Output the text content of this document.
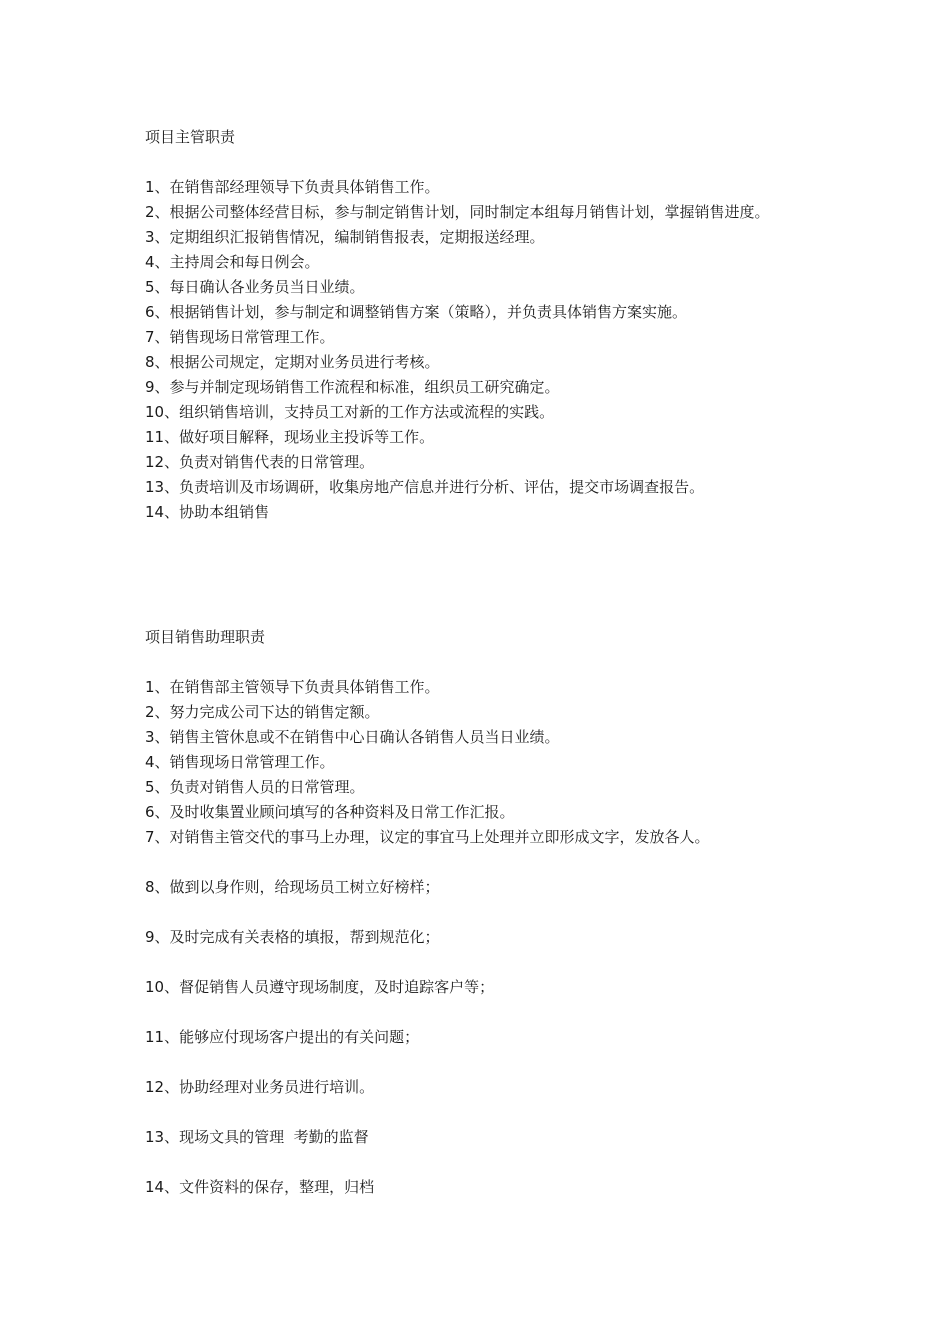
项目主管职责

1、在销售部经理领导下负责具体销售工作。

2、根据公司整体经营目标，参与制定销售计划，同时制定本组每月销售计划，掌握销售进度。

3、定期组织汇报销售情况，编制销售报表，定期报送经理。

4、主持周会和每日例会。

5、每日确认各业务员当日业绩。

6、根据销售计划，参与制定和调整销售方案（策略），并负责具体销售方案实施。

7、销售现场日常管理工作。

8、根据公司规定，定期对业务员进行考核。

9、参与并制定现场销售工作流程和标准，组织员工研究确定。

10、组织销售培训，支持员工对新的工作方法或流程的实践。

11、做好项目解释，现场业主投诉等工作。

12、负责对销售代表的日常管理。

13、负责培训及市场调研，收集房地产信息并进行分析、评估，提交市场调查报告。

14、协助本组销售

项目销售助理职责

1、在销售部主管领导下负责具体销售工作。

2、努力完成公司下达的销售定额。

3、销售主管休息或不在销售中心日确认各销售人员当日业绩。

4、销售现场日常管理工作。

5、负责对销售人员的日常管理。

6、及时收集置业顾问填写的各种资料及日常工作汇报。

7、对销售主管交代的事马上办理，议定的事宜马上处理并立即形成文字，发放各人。

8、做到以身作则，给现场员工树立好榜样；

9、及时完成有关表格的填报，帮到规范化；

10、督促销售人员遵守现场制度，及时追踪客户等；

11、能够应付现场客户提出的有关问题；

12、协助经理对业务员进行培训。

13、现场文具的管理  考勤的监督

14、文件资料的保存，整理，归档
